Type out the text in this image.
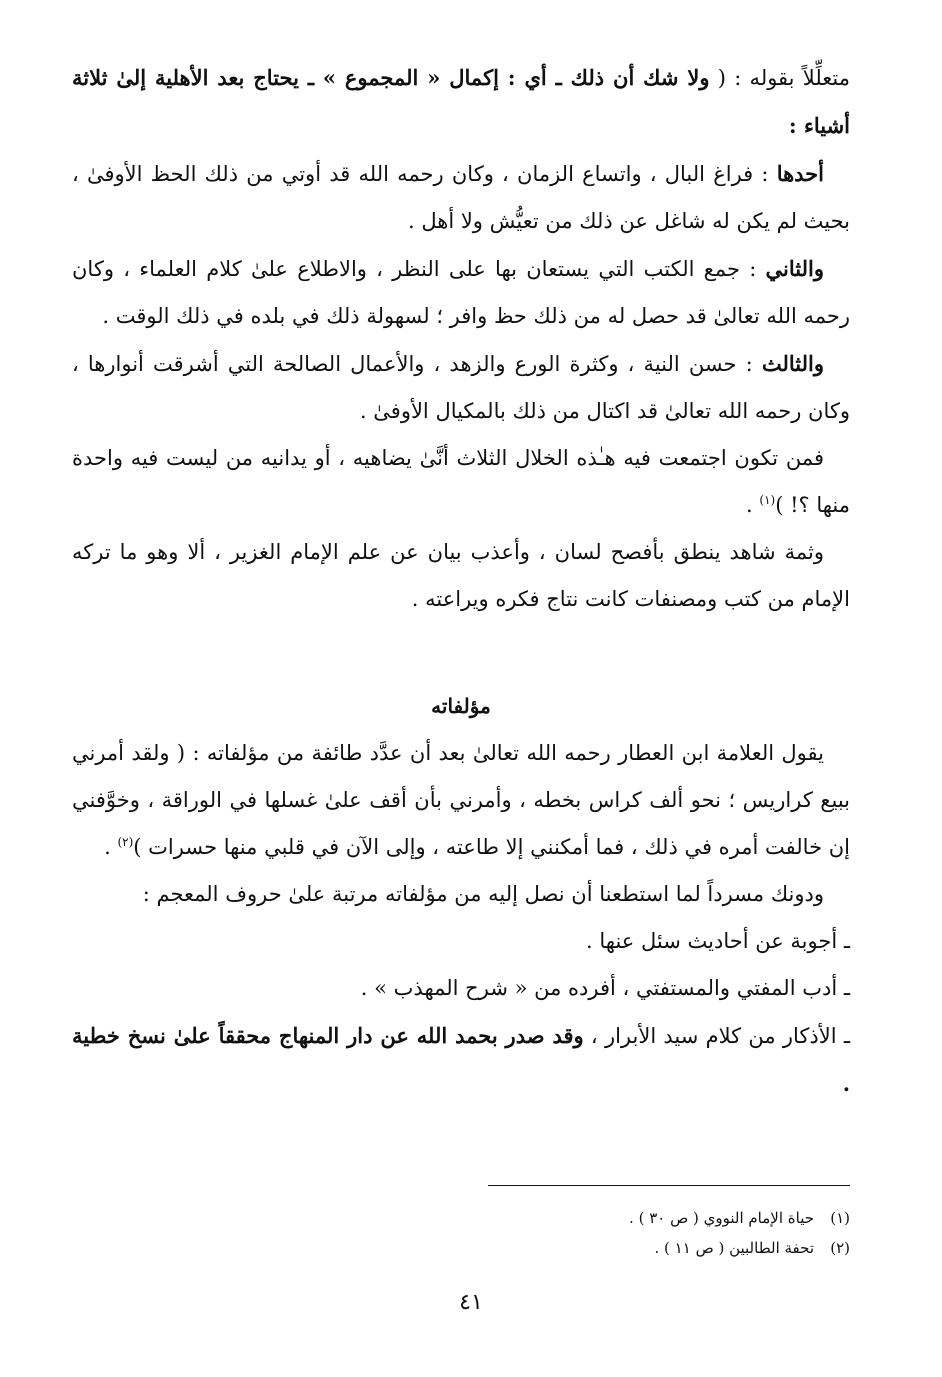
متعلِّلاً بقوله : ( ولا شك أن ذلك ـ أي : إكمال « المجموع » ـ يحتاج بعد الأهلية إلىٰ ثلاثة أشياء :

أحدها : فراغ البال ، واتساع الزمان ، وكان رحمه الله قد أوتي من ذلك الحظ الأوفىٰ ، بحيث لم يكن له شاغل عن ذلك من تعيُّش ولا أهل .

والثاني : جمع الكتب التي يستعان بها على النظر ، والاطلاع علىٰ كلام العلماء ، وكان رحمه الله تعالىٰ قد حصل له من ذلك حظ وافر ؛ لسهولة ذلك في بلده في ذلك الوقت .

والثالث : حسن النية ، وكثرة الورع والزهد ، والأعمال الصالحة التي أشرقت أنوارها ، وكان رحمه الله تعالىٰ قد اكتال من ذلك بالمكيال الأوفىٰ .

فمن تكون اجتمعت فيه هـٰذه الخلال الثلاث أنَّىٰ يضاهيه ، أو يدانيه من ليست فيه واحدة منها ؟! )$^{(١)}$ .

وثمة شاهد ينطق بأفصح لسان ، وأعذب بيان عن علم الإمام الغزير ، ألا وهو ما تركه الإمام من كتب ومصنفات كانت نتاج فكره ويراعته .

مؤلفاته

يقول العلامة ابن العطار رحمه الله تعالىٰ بعد أن عدَّد طائفة من مؤلفاته : ( ولقد أمرني ببيع كراريس ؛ نحو ألف كراس بخطه ، وأمرني بأن أقف علىٰ غسلها في الوراقة ، وخوَّفني إن خالفت أمره في ذلك ، فما أمكنني إلا طاعته ، وإلى الآن في قلبي منها حسرات )$^{(٢)}$ .

ودونك مسرداً لما استطعنا أن نصل إليه من مؤلفاته مرتبة علىٰ حروف المعجم :

ـ أجوبة عن أحاديث سئل عنها .

ـ أدب المفتي والمستفتي ، أفرده من « شرح المهذب » .

ـ الأذكار من كلام سيد الأبرار ، وقد صدر بحمد الله عن دار المنهاج محققاً علىٰ نسخ خطية .

(١)حياة الإمام النووي ( ص ٣٠ ) .

(٢)تحفة الطالبين ( ص ١١ ) .

٤١
